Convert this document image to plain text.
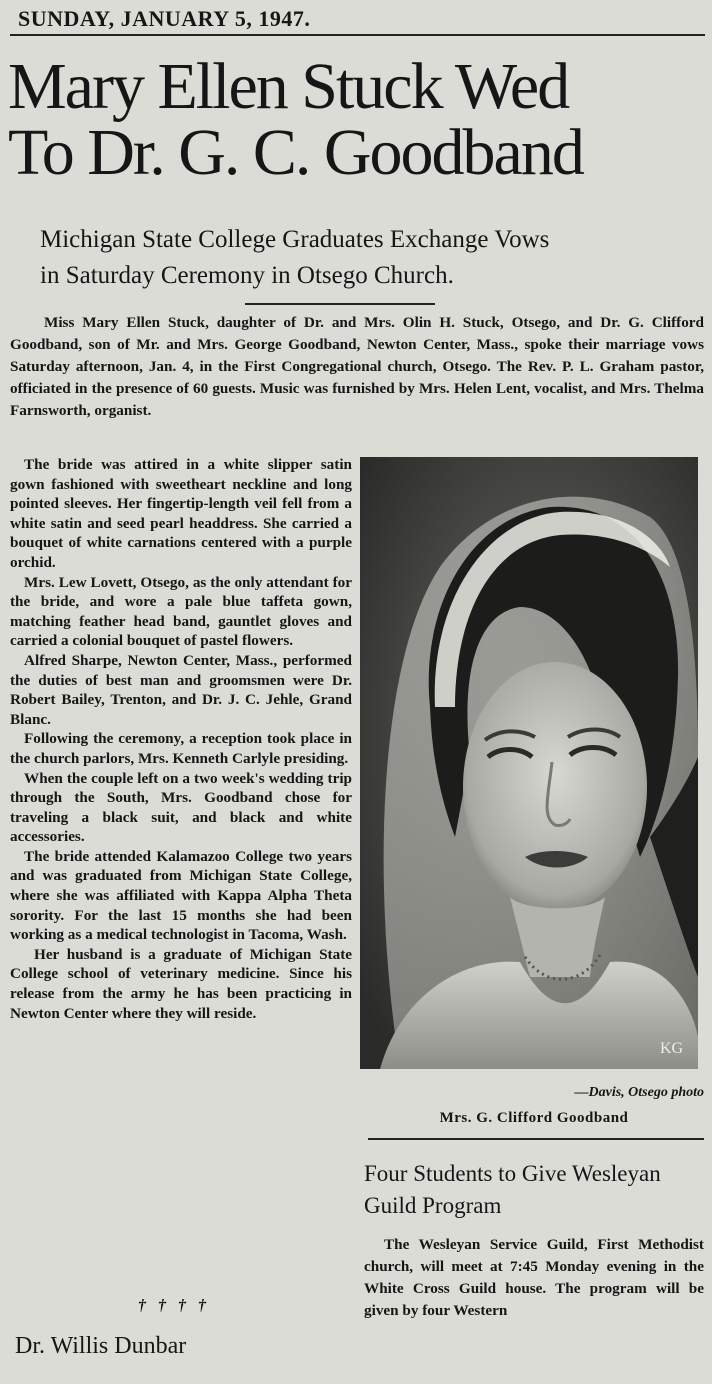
SUNDAY, JANUARY 5, 1947.
Mary Ellen Stuck Wed
To Dr. G. C. Goodband
Michigan State College Graduates Exchange Vows
in Saturday Ceremony in Otsego Church.

Miss Mary Ellen Stuck, daughter of Dr. and Mrs. Olin H. Stuck, Otsego, and Dr. G. Clifford Goodband, son of Mr. and Mrs. George Goodband, Newton Center, Mass., spoke their marriage vows Saturday afternoon, Jan. 4, in the First Congregational church, Otsego. The Rev. P. L. Graham pastor, officiated in the presence of 60 guests. Music was furnished by Mrs. Helen Lent, vocalist, and Mrs. Thelma Farnsworth, organist.

The bride was attired in a white slipper satin gown fashioned with sweetheart neckline and long pointed sleeves. Her fingertip-length veil fell from a white satin and seed pearl headdress. She carried a bouquet of white carnations centered with a purple orchid.

Mrs. Lew Lovett, Otsego, as the only attendant for the bride, and wore a pale blue taffeta gown, matching feather head band, gauntlet gloves and carried a colonial bouquet of pastel flowers.

Alfred Sharpe, Newton Center, Mass., performed the duties of best man and groomsmen were Dr. Robert Bailey, Trenton, and Dr. J. C. Jehle, Grand Blanc.

Following the ceremony, a reception took place in the church parlors, Mrs. Kenneth Carlyle presiding.

When the couple left on a two week's wedding trip through the South, Mrs. Goodband chose for traveling a black suit, and black and white accessories.

The bride attended Kalamazoo College two years and was graduated from Michigan State College, where she was affiliated with Kappa Alpha Theta sorority. For the last 15 months she had been working as a medical technologist in Tacoma, Wash.

Her husband is a graduate of Michigan State College school of veterinary medicine. Since his release from the army he has been practicing in Newton Center where they will reside.

† † † †
Dr. Willis Dunbar
KG
—Davis, Otsego photo
Mrs. G. Clifford Goodband
Four Students to Give Wesleyan Guild Program

The Wesleyan Service Guild, First Methodist church, will meet at 7:45 Monday evening in the White Cross Guild house. The program will be given by four Western
